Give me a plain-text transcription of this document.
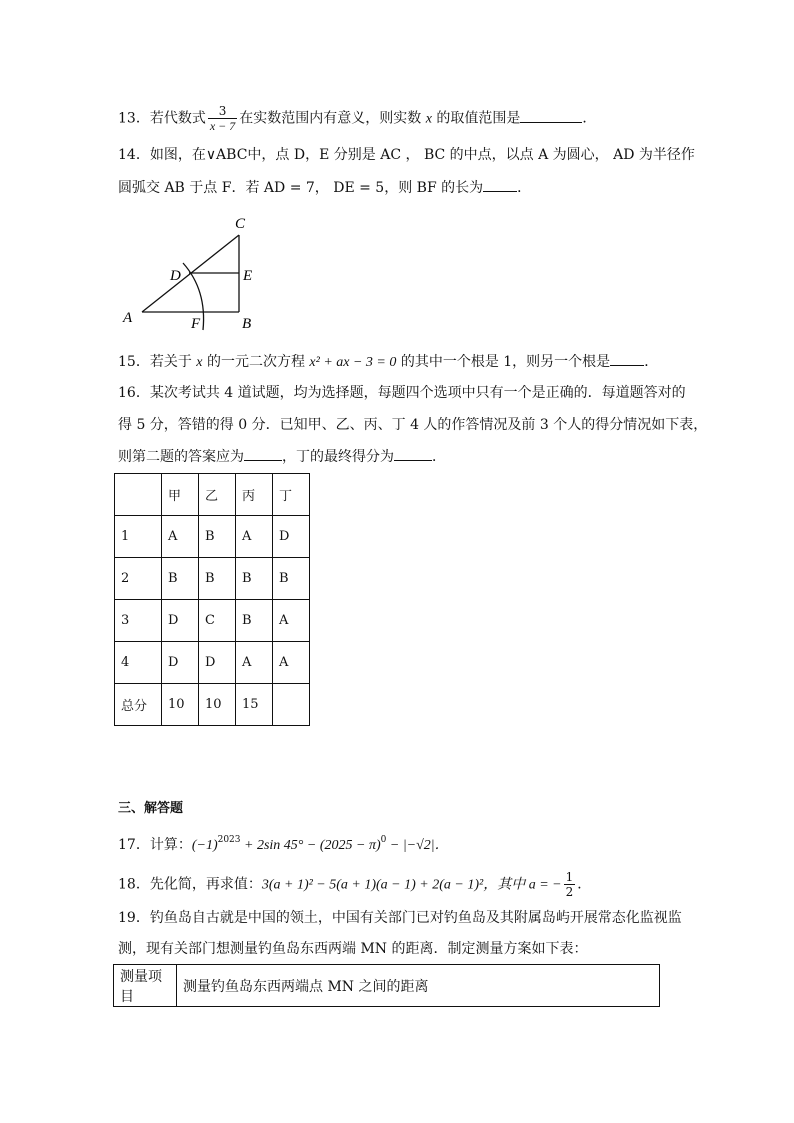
13．若代数式 $\frac{3}{x - 7}$ 在实数范围内有意义，则实数 x 的取值范围是	．
14．如图，在∨ABC中，点 D，E 分别是 AC ， BC 的中点，以点 A 为圆心， AD 为半径作
圆弧交 AB 于点 F．若 AD = 7， DE = 5，则 BF 的长为 ．
A	B
C
D	E
F
15．若关于 x 的一元二次方程 x² + ax − 3 = 0 的其中一个根是 1，则另一个根是 ．
16．某次考试共 4 道试题，均为选择题，每题四个选项中只有一个是正确的．每道题答对的
得 5 分，答错的得 0 分．已知甲、乙、丙、丁 4 人的作答情况及前 3 个人的得分情况如下表，
则第二题的答案应为	，丁的最终得分为	．
	甲	乙	丙	丁
1	A	B	A	D
2	B	B	B	B
3	D	C	B	A
4	D	D	A	A
总分	10	10	15	
三、解答题
17．计算：$(-1)^{2023} + 2\sin$ $45^\circ - (2025 - \pi)^0 - |-√2|$．
18．先化简，再求值：3(a + 1)² − 5(a + 1)(a − 1) + 2(a − 1)²，其中 a = − $\frac{1}{2}$ ．
19．钓鱼岛自古就是中国的领土，中国有关部门已对钓鱼岛及其附属岛屿开展常态化监视监
测，现有关部门想测量钓鱼岛东西两端 MN 的距离．制定测量方案如下表：
测量项目	测量钓鱼岛东西两端点 MN 之间的距离
